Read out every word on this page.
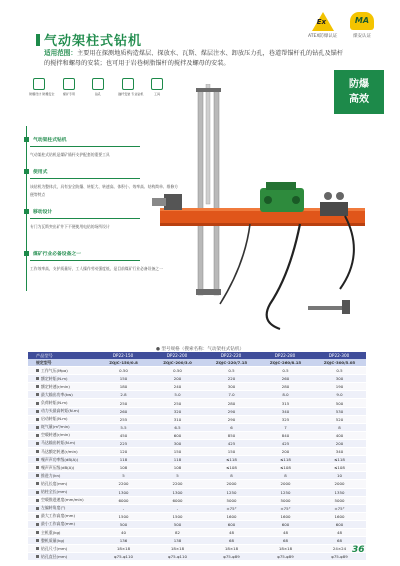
气动架柱式钻机
适用范围：主要用在探测地质构造煤层、探放水、瓦斯、煤层注水、卸放压力孔，巷道帮锚杆孔的钻孔及锚杆的搅拌和螺母的安装；也可用于岩巷树脂锚杆的搅拌及螺母的安装。
Ex
ATEX防爆认证
MA
煤安认证
防爆
高效
防爆设计 防爆安全	煤矿专用	钻孔	锚杆安装 专业钻机	工具
气动架柱式钻机
气动架柱式钻机是煤矿锚杆支护配套的重要工具
使用式
该钻机为整体式，具有安全防爆、转矩大、转速高、体积小、效率高、结构简单、维修方便等特点
移动设计
专门为瓦斯突出矿井下不便使用电钻的场所设计
煤矿行业必备设备之一
工作效率高，支护质量好，工人操作劳动强度低，是目前煤矿行业必备设备之一
● 型号规格（搜索名称：气动架柱式钻机）
产品型号	DP22-150	DP22-200	DP22-220	DP22-280	DP22-300
规定型号	ZQJC-150/0.8	ZQJC-200/3.0	ZQJC-220/7.15	ZQJC-260/8.15	ZQJC-300/5.05
工作气压(Mpa)	0.50	0.50	0.5	0.5	0.5
额定转矩(N.m)	150	200	220	260	300
额定转速(r/min)	180	240	300	280	190
最大输出功率(kw)	2.8	5.0	7.0	8.0	9.0
负荷转矩(N.m)	250	250	280	315	500
动力头最高转矩(N.m)	260	320	290	340	530
启动转矩(N.m)	255	310	290	325	520
耗气量(m³/min)	5.5	6.5	6	7	8
空载转速(r/min)	450	600	850	840	400
马达输出转矩(N.m)	225	300	425	425	200
马达额定转速(r/min)	120	150	150	200	340
噪声声功率级(dB(A))	118	118	≤118	≤118	≤118
噪声声压级(dB(A))	108	108	≤108	≤108	≤108
推进力(kn)	5	5	8	8	10
钻孔长度(mm)	2200	2200	2000	2000	2000
钻柱全长(mm)	1300	1300	1250	1250	1350
空载推进速度(mm/min)	6000	6000	5000	5000	5000
左偏转角度(°)	-	-	±75°	±75°	±75°
最大工作高度(mm)	1500	1500	1600	1600	1600
最小工作高度(mm)	500	500	600	600	600
主机重(kg)	40	82	48	48	48
整机质量(kg)	136	138	68	68	68
钻孔尺寸(mm)	18×18	18×18	18×18	18×18	24×24
钻孔直径(mm)	φ75-φ110	φ75-φ110	φ75-φ89	φ75-φ89	φ75-φ89
36
